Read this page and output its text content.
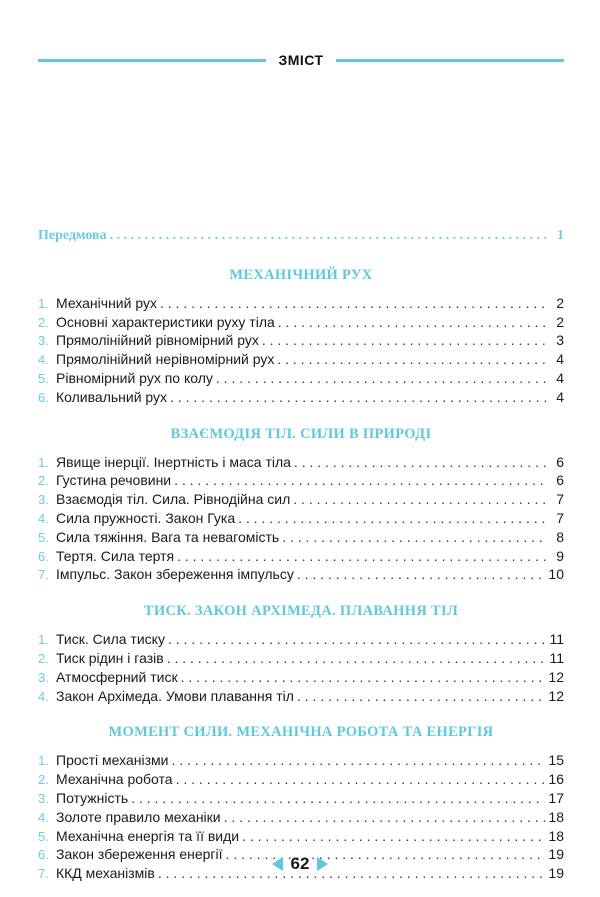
ЗМІСТ
Передмова . . .	1
МЕХАНІЧНИЙ РУХ
1. Механічний рух . . .	2
2. Основні характеристики руху тіла . . .	2
3. Прямолінійний рівномірний рух . . .	3
4. Прямолінійний нерівномірний рух . . .	4
5. Рівномірний рух по колу . . .	4
6. Коливальний рух . . .	4
ВЗАЄМОДІЯ ТІЛ. СИЛИ В ПРИРОДІ
1. Явище інерції. Інертність і маса тіла . . .	6
2. Густина речовини . . .	6
3. Взаємодія тіл. Сила. Рівнодійна сил . . .	7
4. Сила пружності. Закон Гука . . .	7
5. Сила тяжіння. Вага та невагомість . . .	8
6. Тертя. Сила тертя . . .	9
7. Імпульс. Закон збереження імпульсу . . .	10
ТИСК. ЗАКОН АРХІМЕДА. ПЛАВАННЯ ТІЛ
1. Тиск. Сила тиску . . .	11
2. Тиск рідин і газів . . .	11
3. Атмосферний тиск . . .	12
4. Закон Архімеда. Умови плавання тіл . . .	12
МОМЕНТ СИЛИ. МЕХАНІЧНА РОБОТА ТА ЕНЕРГІЯ
1. Прості механізми . . .	15
2. Механічна робота . . .	16
3. Потужність . . .	17
4. Золоте правило механіки . . .	18
5. Механічна енергія та її види . . .	18
6. Закон збереження енергії . . .	19
7. ККД механізмів . . .	19
62
